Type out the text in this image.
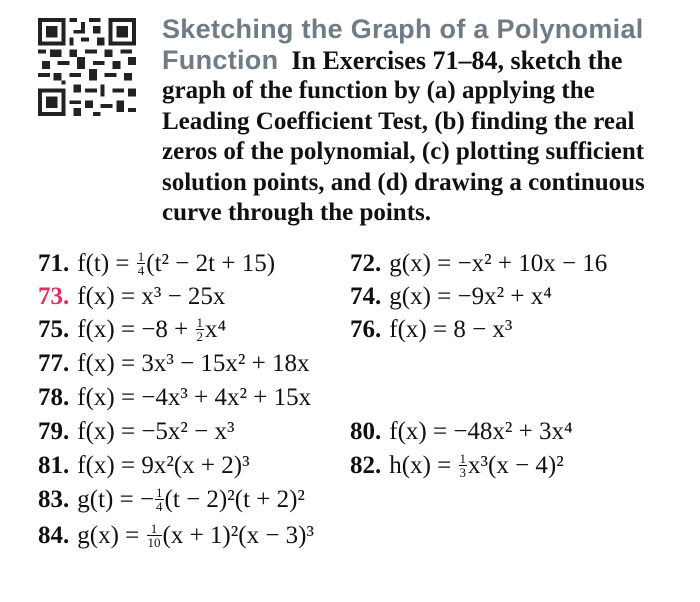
Sketching the Graph of a Polynomial
Function In Exercises 71–84, sketch the
graph of the function by (a) applying the
Leading Coefficient Test, (b) finding the real
zeros of the polynomial, (c) plotting sufficient
solution points, and (d) drawing a continuous
curve through the points.
71. $f(t) = \frac{1}{4} (t^2 - 2t + 15)$	72. g(x) = −x² + 10x − 16
73. f(x) = x³ − 25x	74. g(x) = −9x² + x⁴
75. $f(x) = -8 + \frac{1}{2} x^4$	76. f(x) = 8 − x³
77. f(x) = 3x³ − 15x² + 18x
78. f(x) = −4x³ + 4x² + 15x
79. f(x) = −5x² − x³	80. f(x) = −48x² + 3x⁴
81. f(x) = 9x²(x + 2)³	82. $h(x) = \frac{1}{3} x^3(x - 4)^2$
83. g(t) = − $\frac{1}{4} (t - 2)^2(t + 2)^2$
84. $g(x) = \frac{1}{10} (x + 1)^2(x - 3)^3$
